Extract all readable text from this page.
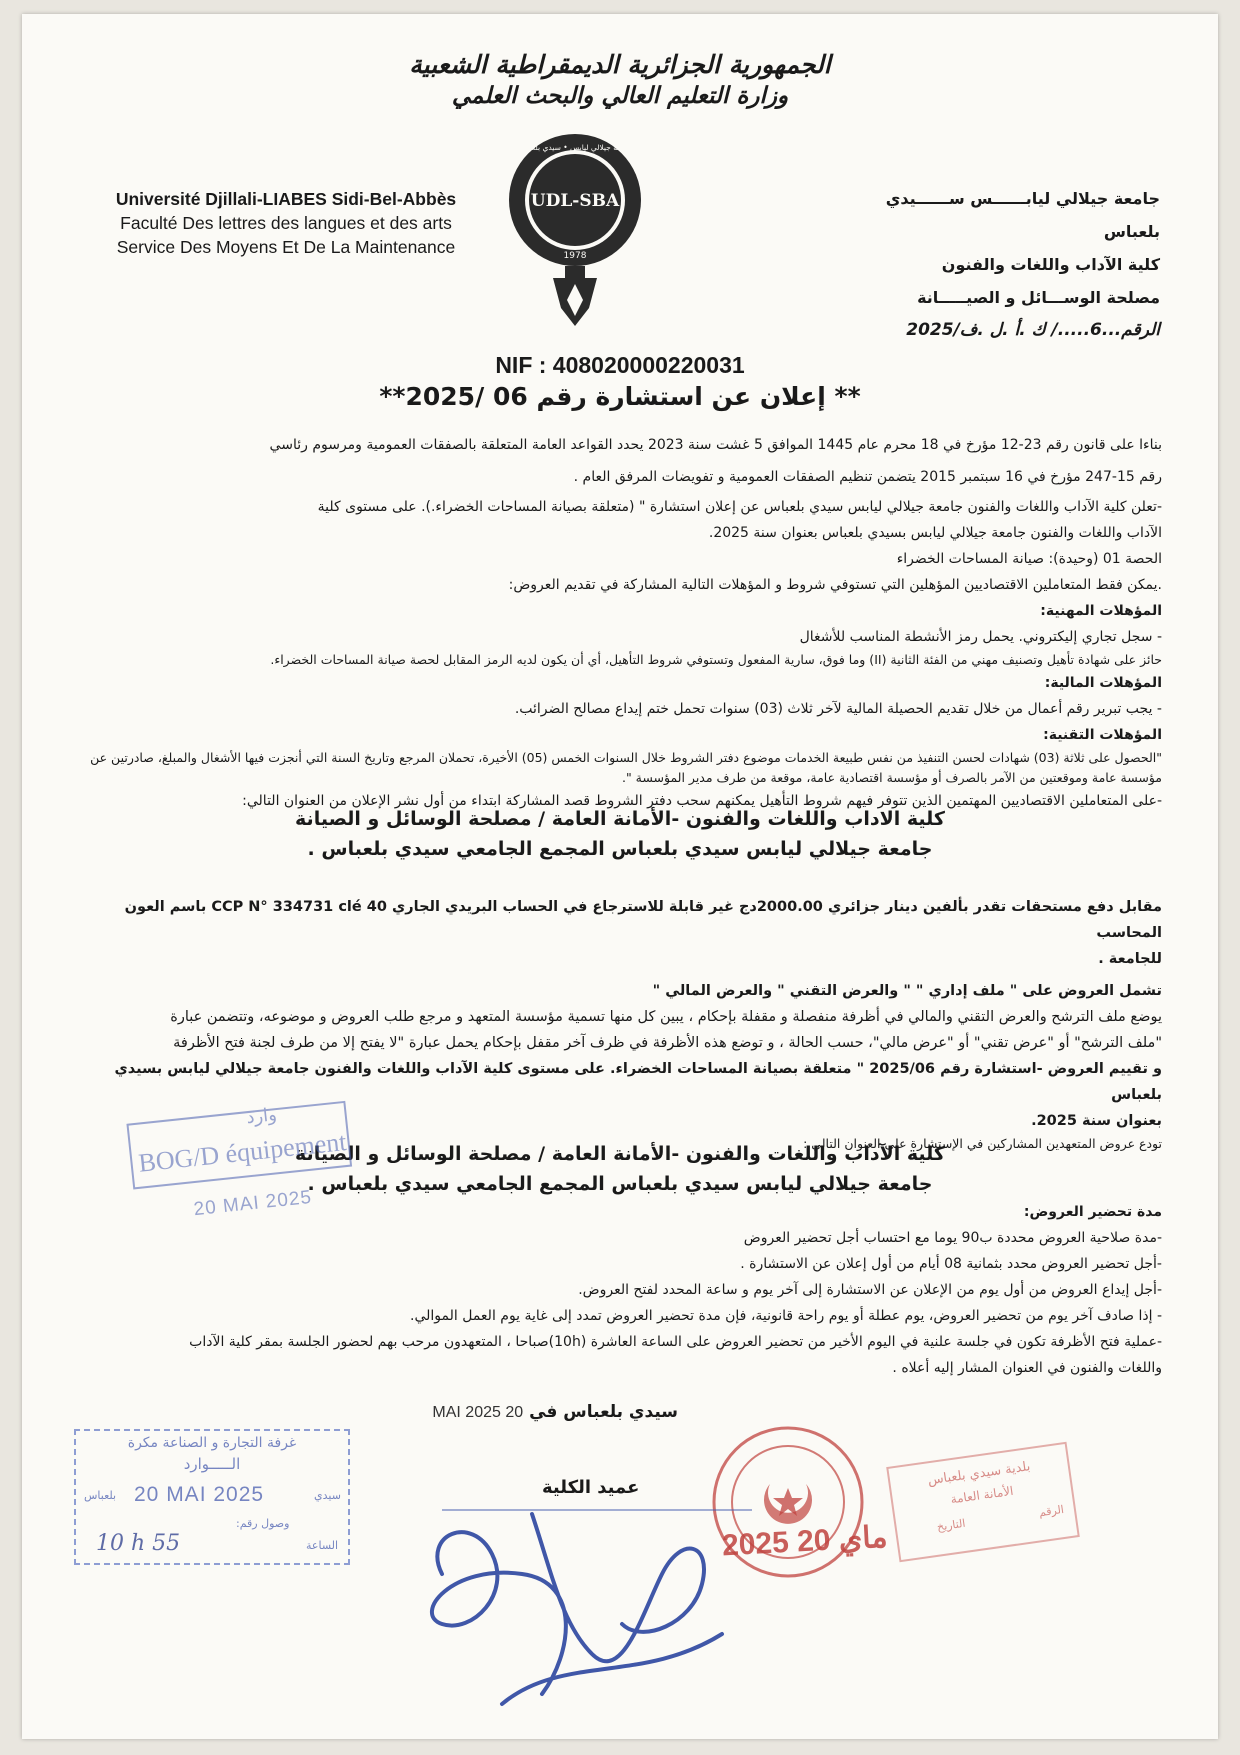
الجمهورية الجزائرية الديمقراطية الشعبية
وزارة التعليم العالي والبحث العلمي
Université Djillali-LIABES Sidi-Bel-Abbès
Faculté Des lettres des langues et des arts
Service Des Moyens Et De La Maintenance
UDL-SBA
1978
جامعة جيلالي ليابس • سيدي بلعباس
جامعة جيلالي ليابــــــس ســــــيدي بلعباس
كلية الآداب واللغات والفنون
مصلحة الوســـائل و الصيـــــانة
الرقم...6...../ ك .أ .ل .ف/2025
NIF : 408020000220031
** إعلان عن استشارة رقم 06 /2025**

بناءا على قانون رقم 23-12 مؤرخ في 18 محرم عام 1445 الموافق 5 غشت سنة 2023 يحدد القواعد العامة المتعلقة بالصفقات العمومية ومرسوم رئاسي

رقم 15-247 مؤرخ في 16 سبتمبر 2015 يتضمن تنظيم الصفقات العمومية و تفويضات المرفق العام .

-تعلن كلية الآداب واللغات والفنون جامعة جيلالي ليابس سيدي بلعباس عن إعلان استشارة " (متعلقة بصيانة المساحات الخضراء.). على مستوى كلية

الآداب واللغات والفنون جامعة جيلالي ليابس بسيدي بلعباس بعنوان سنة 2025.

الحصة 01 (وحيدة): صيانة المساحات الخضراء

.يمكن فقط المتعاملين الاقتصاديين المؤهلين التي تستوفي شروط و المؤهلات التالية المشاركة في تقديم العروض:

المؤهلات المهنية:

- سجل تجاري إليكتروني. يحمل رمز الأنشطة المناسب للأشغال

حائز على شهادة تأهيل وتصنيف مهني من الفئة الثانية (II) وما فوق، سارية المفعول وتستوفي شروط التأهيل، أي أن يكون لديه الرمز المقابل لحصة صيانة المساحات الخضراء.

المؤهلات المالية:

- يجب تبرير رقم أعمال من خلال تقديم الحصيلة المالية لآخر ثلاث (03) سنوات تحمل ختم إيداع مصالح الضرائب.

المؤهلات التقنية:

"الحصول على ثلاثة (03) شهادات لحسن التنفيذ من نفس طبيعة الخدمات موضوع دفتر الشروط خلال السنوات الخمس (05) الأخيرة، تحملان المرجع وتاريخ السنة التي أنجزت فيها الأشغال والمبلغ، صادرتين عن مؤسسة عامة وموقعتين من الآمر بالصرف أو مؤسسة اقتصادية عامة، موقعة من طرف مدير المؤسسة ".

-على المتعاملين الاقتصاديين المهتمين الذين تتوفر فيهم شروط التأهيل يمكنهم سحب دفتر الشروط قصد المشاركة ابتداء من أول نشر الإعلان من العنوان التالي:

كلية الاداب واللغات والفنون -الأمانة العامة / مصلحة الوسائل و الصيانة
جامعة جيلالي ليابس سيدي بلعباس المجمع الجامعي سيدي بلعباس .

مقابل دفع مستحقات تقدر بألفين دينار جزائري 2000.00دج غير قابلة للاسترجاع في الحساب البريدي الجاري CCP N° 334731 clé 40 باسم العون المحاسب

للجامعة .

تشمل العروض على " ملف إداري " " والعرض التقني " والعرض المالي "

يوضع ملف الترشح والعرض التقني والمالي في أظرفة منفصلة و مقفلة بإحكام ، يبين كل منها تسمية مؤسسة المتعهد و مرجع طلب العروض و موضوعه، وتتضمن عبارة

"ملف الترشح" أو "عرض تقني" أو "عرض مالي"، حسب الحالة ، و توضع هذه الأظرفة في ظرف آخر مقفل بإحكام يحمل عبارة "لا يفتح إلا من طرف لجنة فتح الأظرفة

و تقييم العروض -استشارة رقم 2025/06 " متعلقة بصيانة المساحات الخضراء. على مستوى كلية الآداب واللغات والفنون جامعة جيلالي ليابس بسيدي بلعباس

بعنوان سنة 2025.

تودع عروض المتعهدين المشاركين في الإستشارة على العنوان التالي :

كلية الآداب واللغات والفنون -الأمانة العامة / مصلحة الوسائل و الصيانة
جامعة جيلالي ليابس سيدي بلعباس المجمع الجامعي سيدي بلعباس .

مدة تحضير العروض:

-مدة صلاحية العروض محددة ب90 يوما مع احتساب أجل تحضير العروض

-أجل تحضير العروض محدد بثمانية 08 أيام من أول إعلان عن الاستشارة .

-أجل إيداع العروض من أول يوم من الإعلان عن الاستشارة إلى آخر يوم و ساعة المحدد لفتح العروض.

- إذا صادف آخر يوم من تحضير العروض، يوم عطلة أو يوم راحة قانونية، فإن مدة تحضير العروض تمدد إلى غاية يوم العمل الموالي.

-عملية فتح الأظرفة تكون في جلسة علنية في اليوم الأخير من تحضير العروض على الساعة العاشرة (10h)صباحا ، المتعهدون مرحب بهم لحضور الجلسة بمقر كلية الآداب

واللغات والفنون في العنوان المشار إليه أعلاه .

سيدي بلعباس في 20 MAI 2025
عميد الكلية
وارد
BOG/D équipement
20 MAI 2025
غرفة التجارة و الصناعة مكرة
الـــــوارد
بلعباس 20 MAI 2025	سيدي
وصول رقم:
الساعة
10 h 55	2025 ماي 20
بلدية سيدي بلعباس
الأمانة العامة
الرقم
التاريخ
